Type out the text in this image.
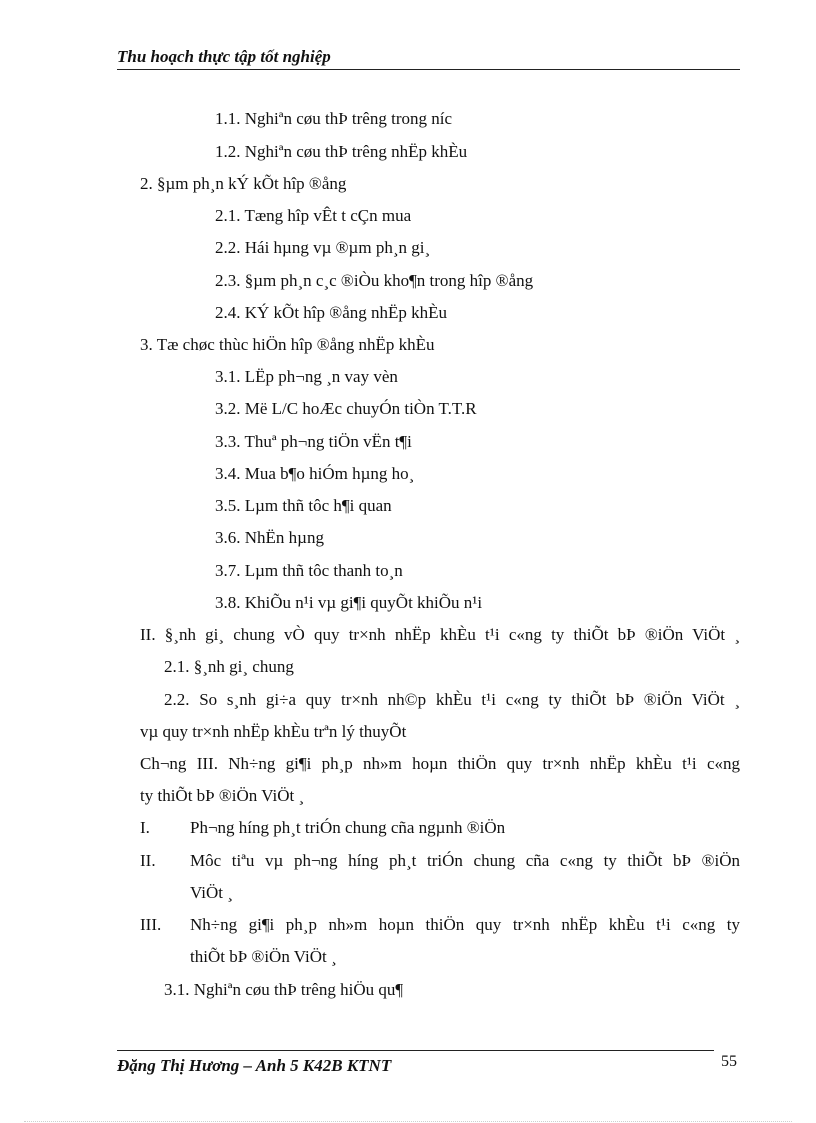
Thu hoạch thực tập tốt nghiệp
1.1. Nghiªn cøu thÞ trêng trong níc
1.2. Nghiªn cøu thÞ trêng nhËp khÈu
2. §µm ph¸n kÝ kÕt hîp ®ång
2.1. Tæng hîp vÊt t cÇn mua
2.2. Hái hµng vµ ®µm ph¸n gi¸
2.3. §µm ph¸n c¸c ®iÒu kho¶n trong hîp ®ång
2.4. KÝ kÕt hîp ®ång nhËp khÈu
3. Tæ chøc thùc hiÖn hîp ®ång nhËp khÈu
3.1. LËp ph¬ng ¸n vay vèn
3.2. Më L/C hoÆc chuyÓn tiÒn T.T.R
3.3. Thuª ph¬ng tiÖn vËn t¶i
3.4. Mua b¶o hiÓm hµng ho¸
3.5. Lµm thñ tôc h¶i quan
3.6. NhËn hµng
3.7. Lµm thñ tôc thanh to¸n
3.8. KhiÕu n¹i vµ gi¶i quyÕt khiÕu n¹i
II. §¸nh gi¸ chung vÒ quy tr×nh nhËp khÈu t¹i c«ng ty thiÕt bÞ ®iÖn ViÖt ¸
2.1. §¸nh gi¸ chung
2.2. So s¸nh gi÷a quy tr×nh nh©p khÈu t¹i c«ng ty thiÕt bÞ ®iÖn ViÖt ¸
vµ quy tr×nh nhËp khÈu trªn lý thuyÕt
Ch¬ng III. Nh÷ng gi¶i ph¸p nh»m hoµn thiÖn quy tr×nh nhËp khÈu t¹i c«ng
ty thiÕt bÞ ®iÖn ViÖt ¸
I. Ph¬ng híng ph¸t triÓn chung cña ngµnh ®iÖn
II. Môc tiªu vµ ph¬ng híng ph¸t triÓn chung cña c«ng ty thiÕt bÞ ®iÖn
ViÖt ¸
III. Nh÷ng gi¶i ph¸p nh»m hoµn thiÖn quy tr×nh nhËp khÈu t¹i c«ng ty
thiÕt bÞ ®iÖn ViÖt ¸
3.1. Nghiªn cøu thÞ trêng hiÖu qu¶
Đặng Thị Hương – Anh 5 K42B KTNT	55
